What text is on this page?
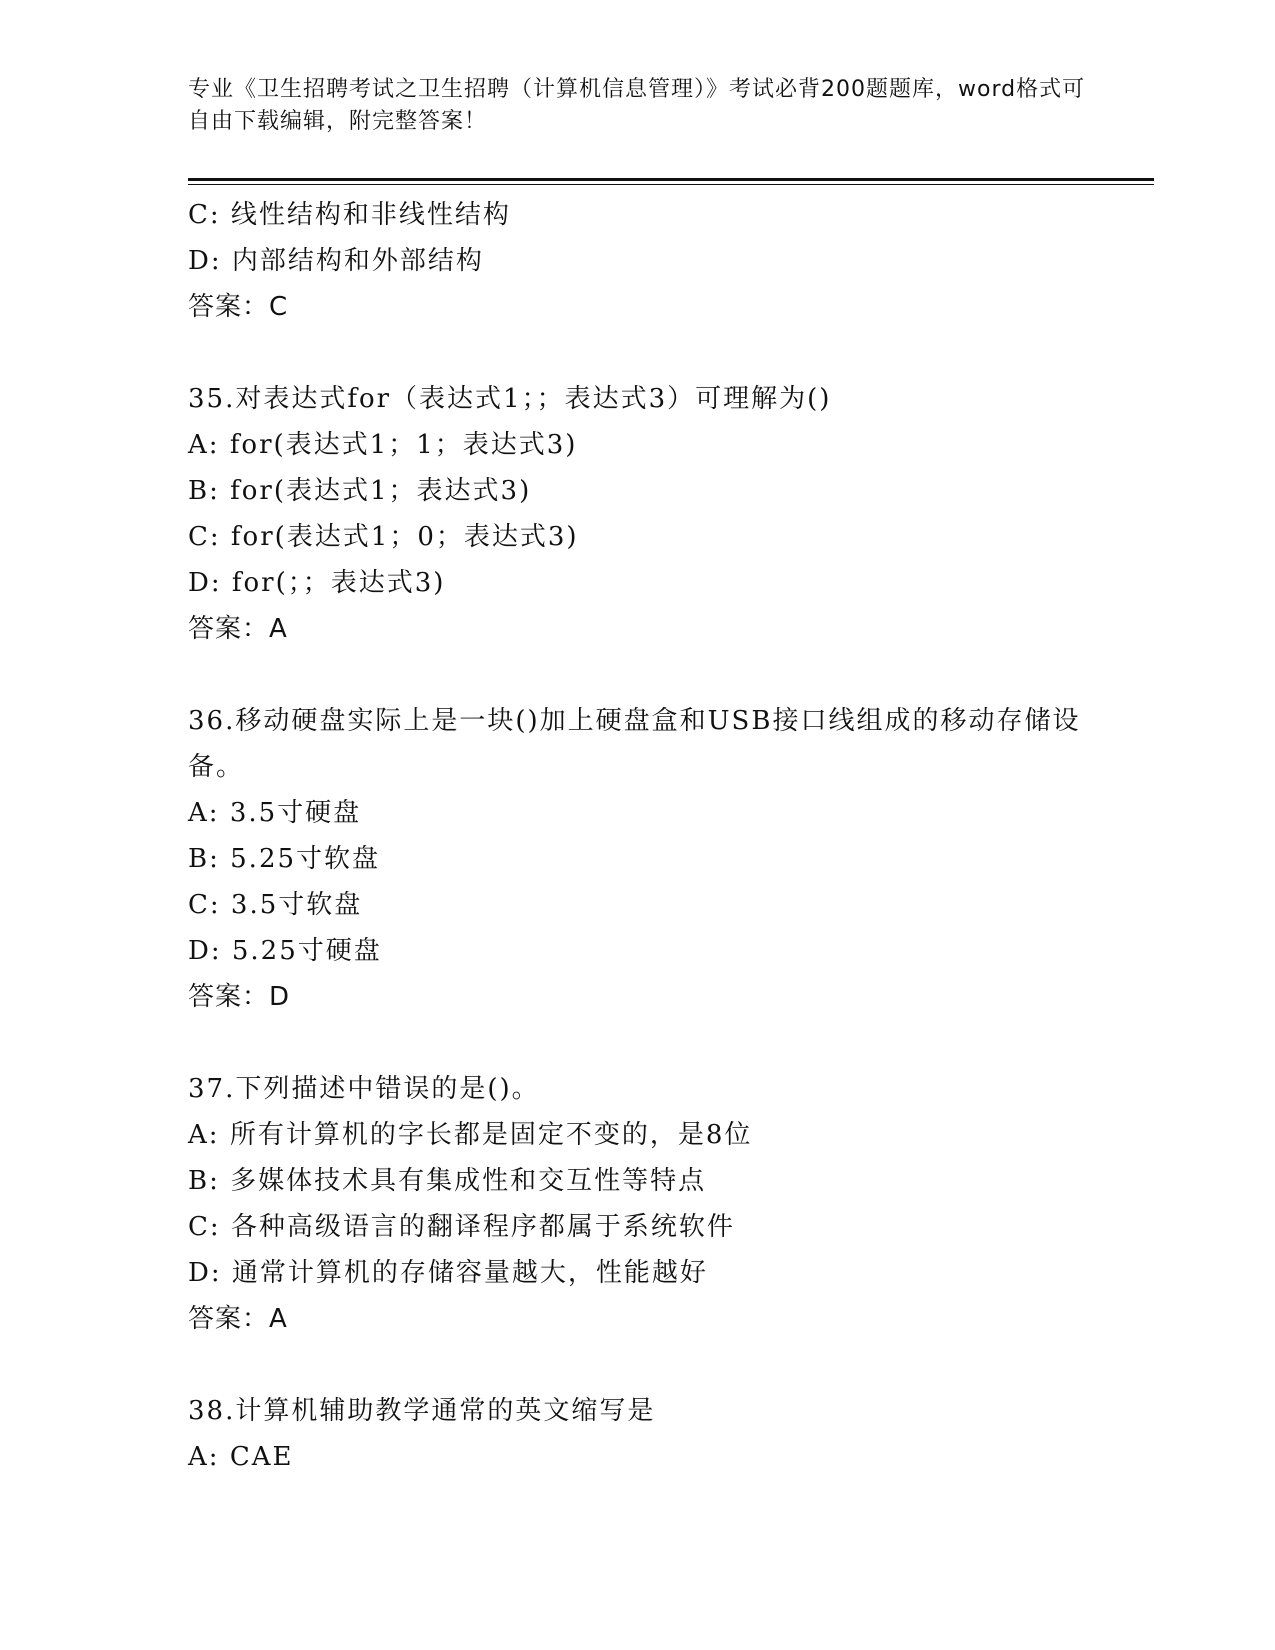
专业《卫生招聘考试之卫生招聘（计算机信息管理）》考试必背200题题库，word格式可自由下载编辑，附完整答案！
C: 线性结构和非线性结构
D: 内部结构和外部结构
答案：C
35.对表达式for（表达式1；；表达式3）可理解为()
A: for(表达式1；1；表达式3)
B: for(表达式1；表达式3)
C: for(表达式1；0；表达式3)
D: for(；；表达式3)
答案：A
36.移动硬盘实际上是一块()加上硬盘盒和USB接口线组成的移动存储设备。
A: 3.5寸硬盘
B: 5.25寸软盘
C: 3.5寸软盘
D: 5.25寸硬盘
答案：D
37.下列描述中错误的是()。
A: 所有计算机的字长都是固定不变的，是8位
B: 多媒体技术具有集成性和交互性等特点
C: 各种高级语言的翻译程序都属于系统软件
D: 通常计算机的存储容量越大，性能越好
答案：A
38.计算机辅助教学通常的英文缩写是
A: CAE
